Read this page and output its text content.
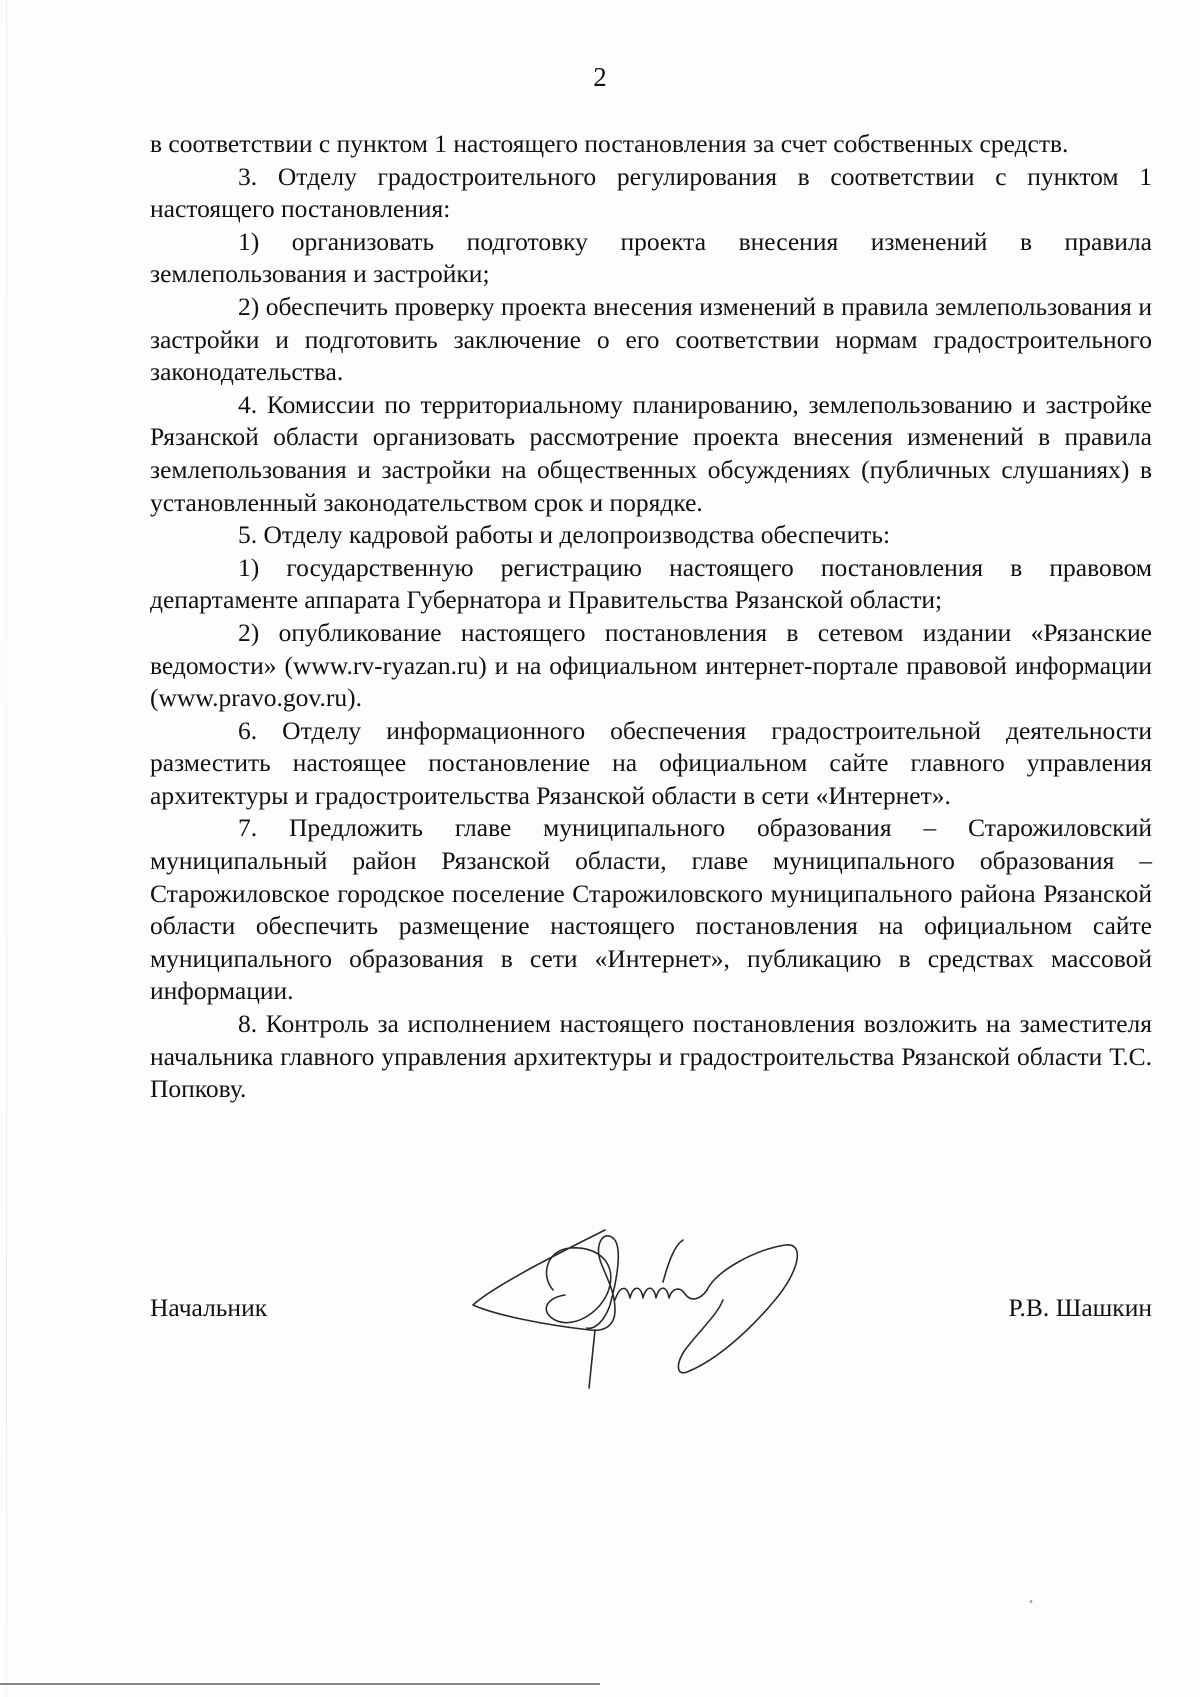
2

в соответствии с пунктом 1 настоящего постановления за счет собственных средств.

3. Отделу градостроительного регулирования в соответствии с пунктом 1 настоящего постановления:

1) организовать подготовку проекта внесения изменений в правила землепользования и застройки;

2) обеспечить проверку проекта внесения изменений в правила землепользования и застройки и подготовить заключение о его соответствии нормам градостроительного законодательства.

4. Комиссии по территориальному планированию, землепользованию и застройке Рязанской области организовать рассмотрение проекта внесения изменений в правила землепользования и застройки на общественных обсуждениях (публичных слушаниях) в установленный законодательством срок и порядке.

5. Отделу кадровой работы и делопроизводства обеспечить:

1) государственную регистрацию настоящего постановления в правовом департаменте аппарата Губернатора и Правительства Рязанской области;

2) опубликование настоящего постановления в сетевом издании «Рязанские ведомости» (www.rv-ryazan.ru) и на официальном интернет-портале правовой информации (www.pravo.gov.ru).

6. Отделу информационного обеспечения градостроительной деятельности разместить настоящее постановление на официальном сайте главного управления архитектуры и градостроительства Рязанской области в сети «Интернет».

7. Предложить главе муниципального образования – Старожиловский муниципальный район Рязанской области, главе муниципального образования – Старожиловское городское поселение Старожиловского муниципального района Рязанской области обеспечить размещение настоящего постановления на официальном сайте муниципального образования в сети «Интернет», публикацию в средствах массовой информации.

8. Контроль за исполнением настоящего постановления возложить на заместителя начальника главного управления архитектуры и градостроительства Рязанской области Т.С. Попкову.

Начальник	Р.В. Шашкин
